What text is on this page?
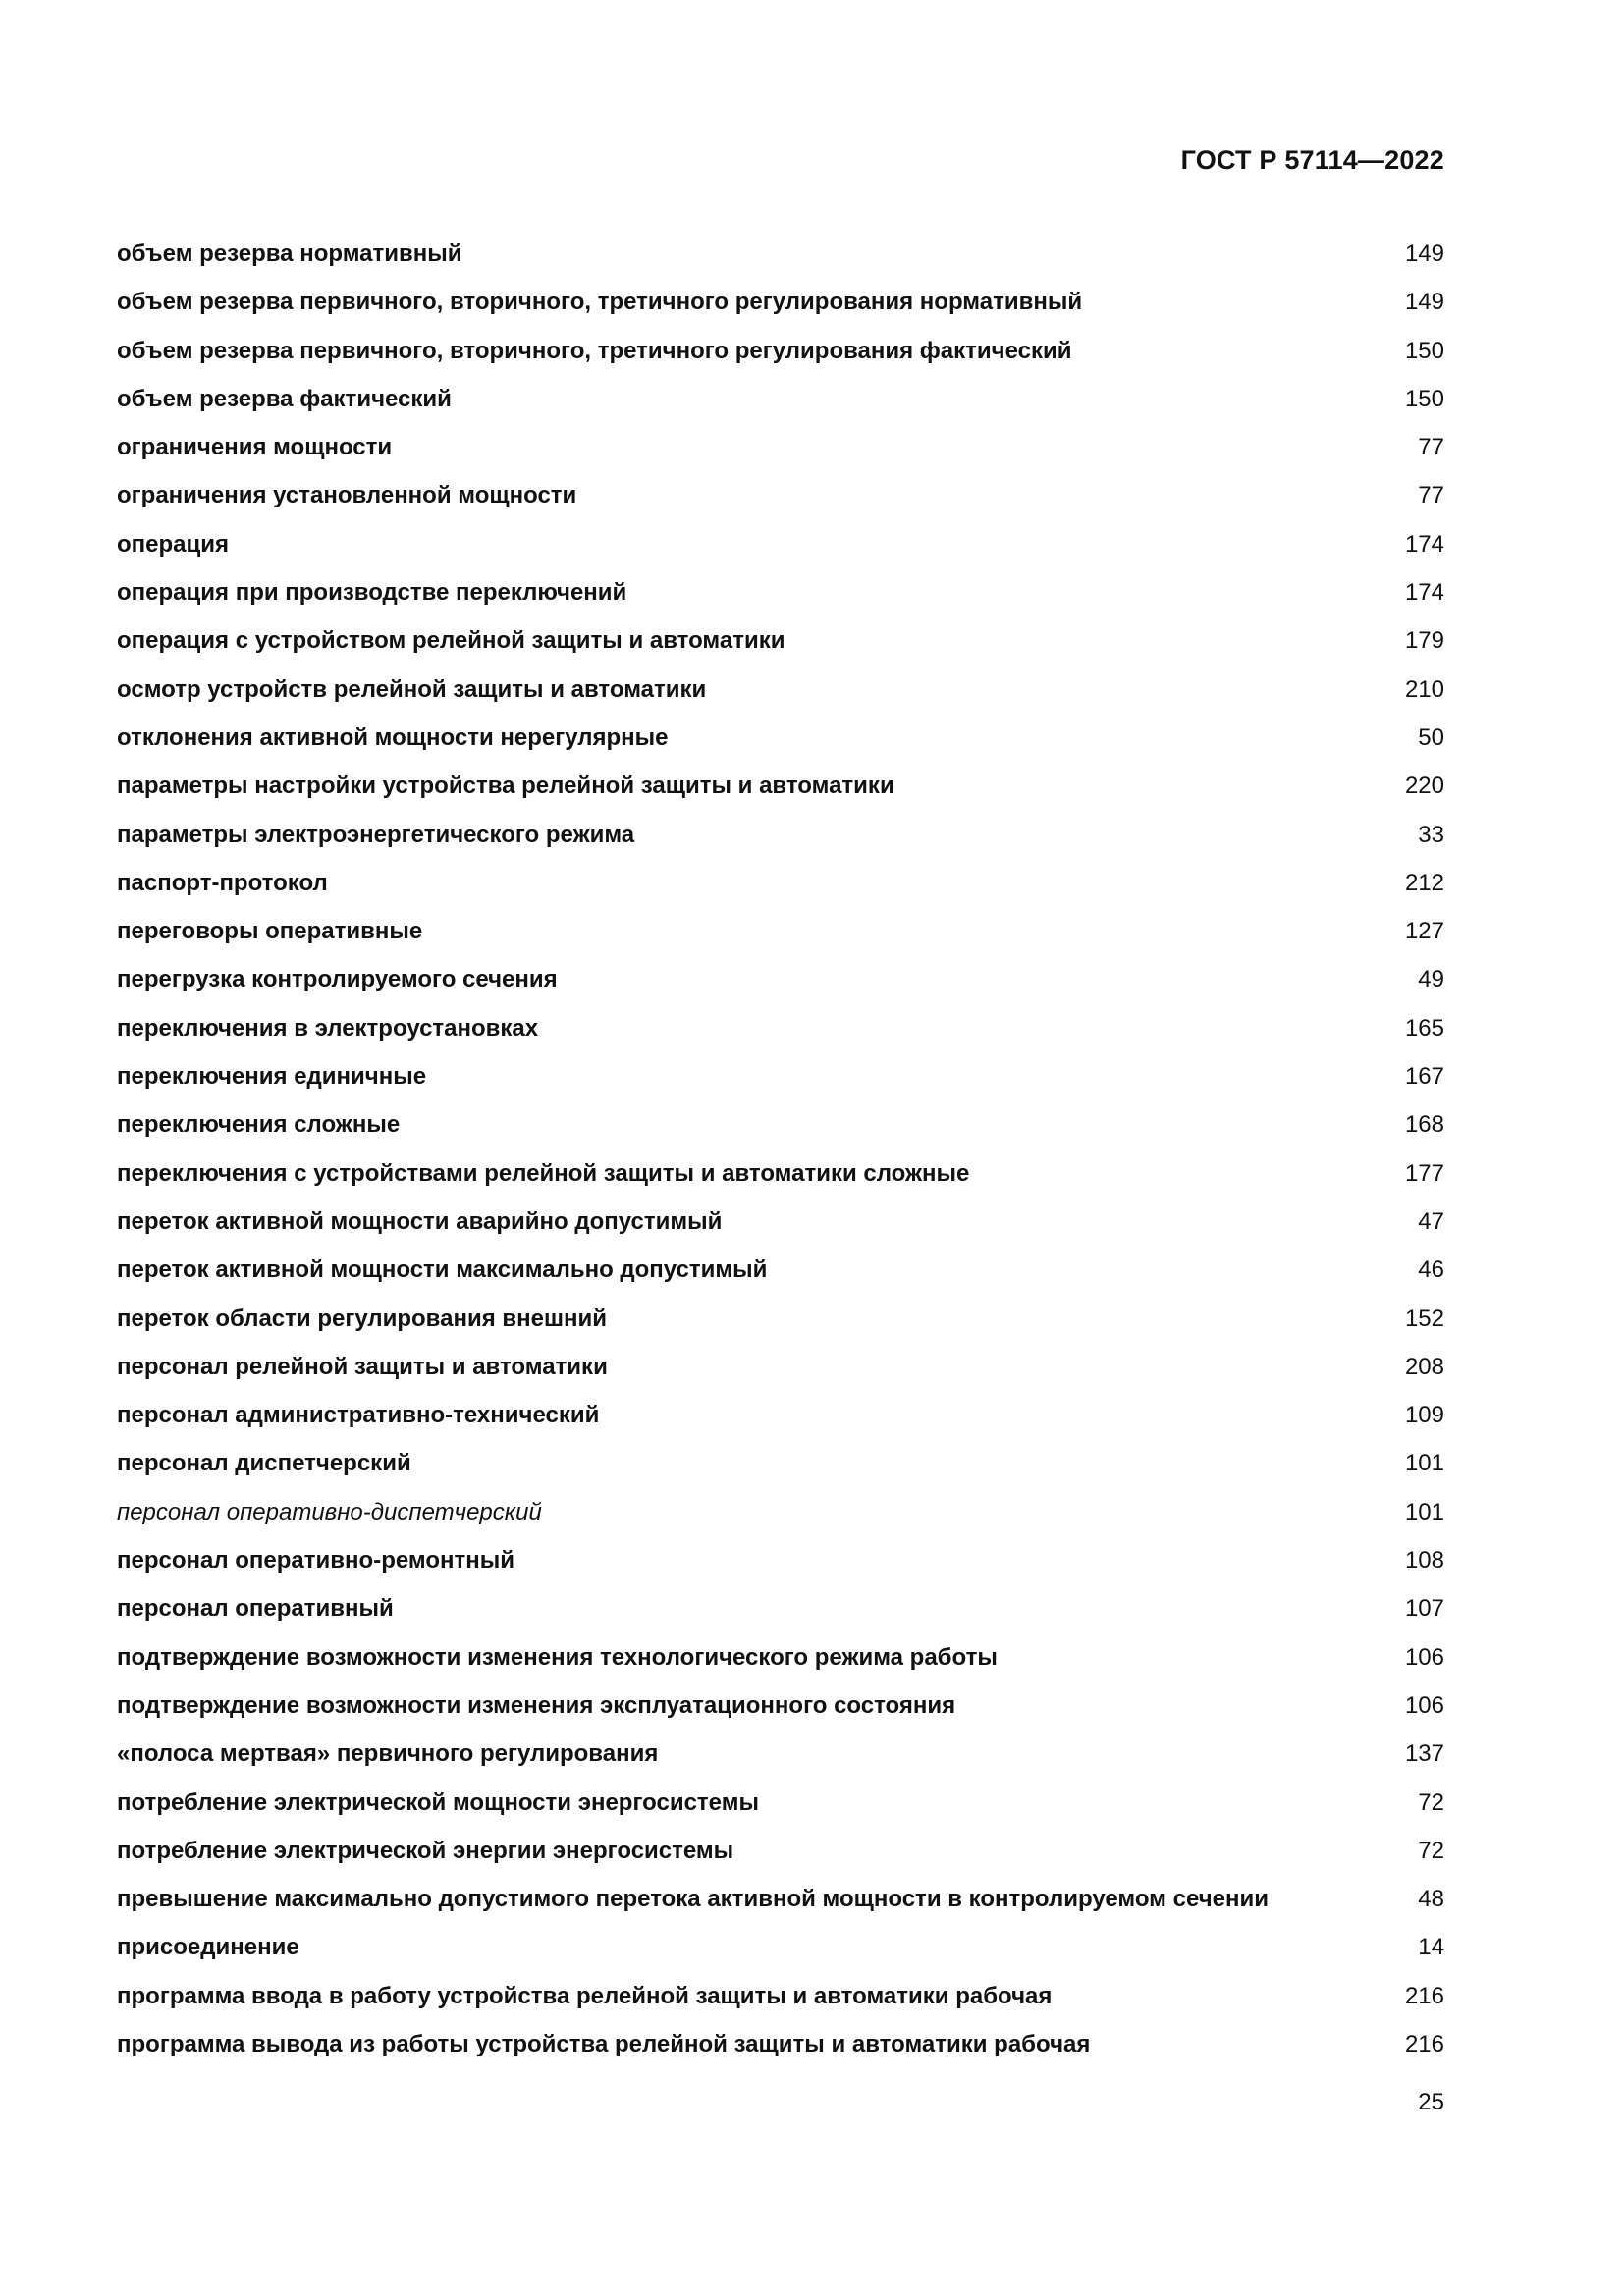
ГОСТ Р 57114—2022
объем резерва нормативный	149
объем резерва первичного, вторичного, третичного регулирования нормативный	149
объем резерва первичного, вторичного, третичного регулирования фактический	150
объем резерва фактический	150
ограничения мощности	77
ограничения установленной мощности	77
операция	174
операция при производстве переключений	174
операция с устройством релейной защиты и автоматики	179
осмотр устройств релейной защиты и автоматики	210
отклонения активной мощности нерегулярные	50
параметры настройки устройства релейной защиты и автоматики	220
параметры электроэнергетического режима	33
паспорт-протокол	212
переговоры оперативные	127
перегрузка контролируемого сечения	49
переключения в электроустановках	165
переключения единичные	167
переключения сложные	168
переключения с устройствами релейной защиты и автоматики сложные	177
переток активной мощности аварийно допустимый	47
переток активной мощности максимально допустимый	46
переток области регулирования внешний	152
персонал релейной защиты и автоматики	208
персонал административно-технический	109
персонал диспетчерский	101
персонал оперативно-диспетчерский	101
персонал оперативно-ремонтный	108
персонал оперативный	107
подтверждение возможности изменения технологического режима работы	106
подтверждение возможности изменения эксплуатационного состояния	106
«полоса мертвая» первичного регулирования	137
потребление электрической мощности энергосистемы	72
потребление электрической энергии энергосистемы	72
превышение максимально допустимого перетока активной мощности в контролируемом сечении	48
присоединение	14
программа ввода в работу устройства релейной защиты и автоматики рабочая	216
программа вывода из работы устройства релейной защиты и автоматики рабочая	216
25
